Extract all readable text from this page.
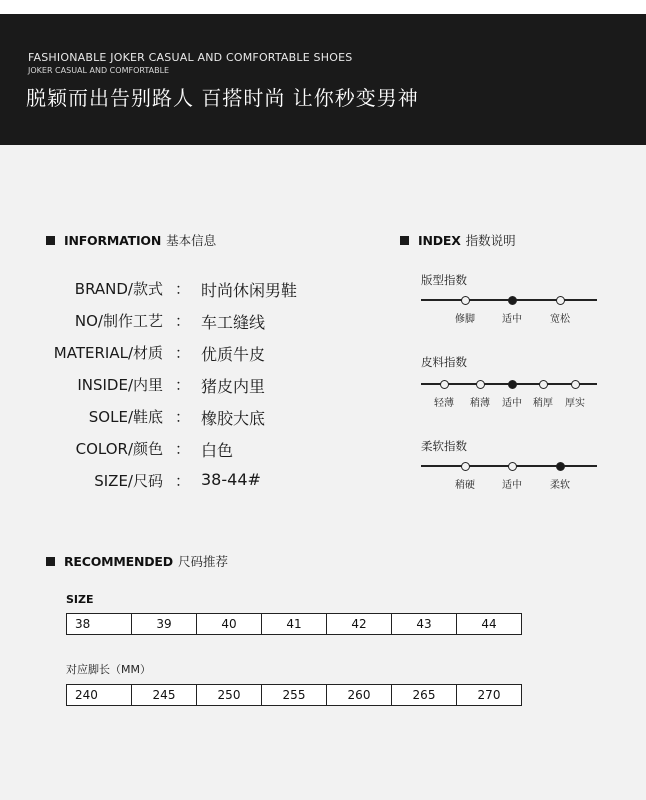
FASHIONABLE JOKER CASUAL AND COMFORTABLE SHOES
JOKER CASUAL AND COMFORTABLE
脱颖而出告别路人 百搭时尚 让你秒变男神
INFORMATION 基本信息
BRAND/款式 ： 时尚休闲男鞋
NO/制作工艺 ： 车工缝线
MATERIAL/材质 ： 优质牛皮
INSIDE/内里 ： 猪皮内里
SOLE/鞋底 ： 橡胶大底
COLOR/颜色 ： 白色
SIZE/尺码 ： 38-44#
INDEX 指数说明
版型指数
修脚	适中	宽松
皮料指数
轻薄 稍薄 适中 稍厚 厚实
柔软指数
稍硬	适中	柔软
RECOMMENDED 尺码推荐
SIZE
38	39	40	41	42	43	44
对应脚长（MM）
240	245	250	255	260	265	270
